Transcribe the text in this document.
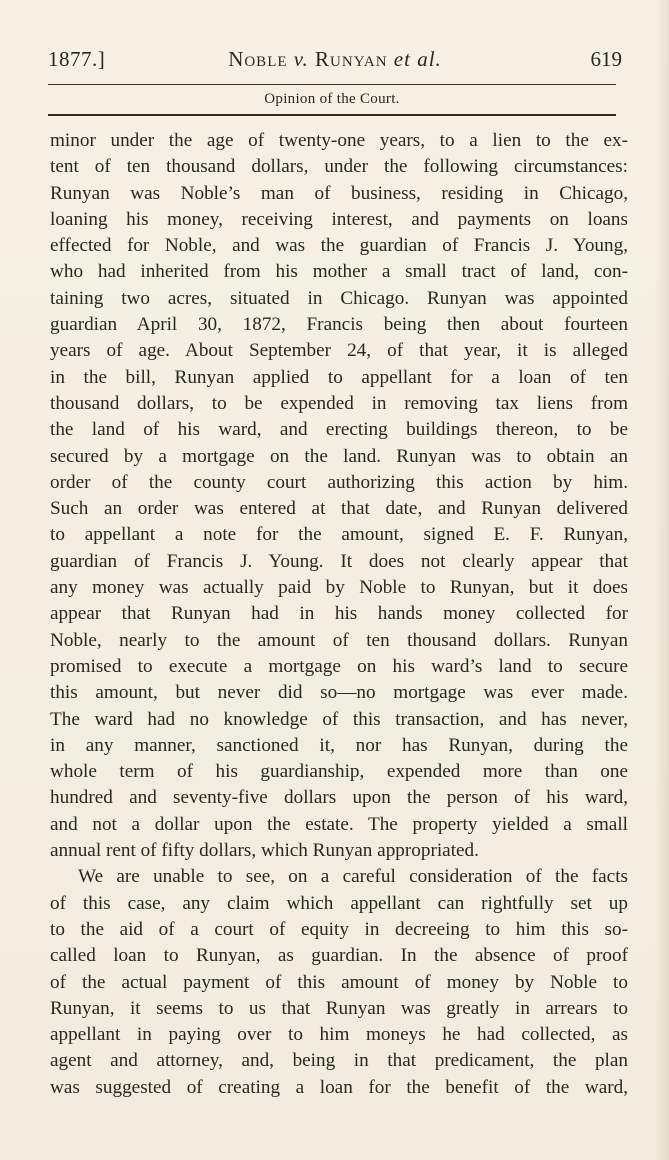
1877.]	Noble v. Runyan et al.	619
Opinion of the Court.
minor under the age of twenty-one years, to a lien to the ex-
tent of ten thousand dollars, under the following circumstances:
Runyan was Noble’s man of business, residing in Chicago,
loaning his money, receiving interest, and payments on loans
effected for Noble, and was the guardian of Francis J. Young,
who had inherited from his mother a small tract of land, con-
taining two acres, situated in Chicago. Runyan was appointed
guardian April 30, 1872, Francis being then about fourteen
years of age. About September 24, of that year, it is alleged
in the bill, Runyan applied to appellant for a loan of ten
thousand dollars, to be expended in removing tax liens from
the land of his ward, and erecting buildings thereon, to be
secured by a mortgage on the land. Runyan was to obtain an
order of the county court authorizing this action by him.
Such an order was entered at that date, and Runyan delivered
to appellant a note for the amount, signed E. F. Runyan,
guardian of Francis J. Young. It does not clearly appear that
any money was actually paid by Noble to Runyan, but it does
appear that Runyan had in his hands money collected for
Noble, nearly to the amount of ten thousand dollars. Runyan
promised to execute a mortgage on his ward’s land to secure
this amount, but never did so—no mortgage was ever made.
The ward had no knowledge of this transaction, and has never,
in any manner, sanctioned it, nor has Runyan, during the
whole term of his guardianship, expended more than one
hundred and seventy-five dollars upon the person of his ward,
and not a dollar upon the estate. The property yielded a small
annual rent of fifty dollars, which Runyan appropriated.
We are unable to see, on a careful consideration of the facts
of this case, any claim which appellant can rightfully set up
to the aid of a court of equity in decreeing to him this so-
called loan to Runyan, as guardian. In the absence of proof
of the actual payment of this amount of money by Noble to
Runyan, it seems to us that Runyan was greatly in arrears to
appellant in paying over to him moneys he had collected, as
agent and attorney, and, being in that predicament, the plan
was suggested of creating a loan for the benefit of the ward,
